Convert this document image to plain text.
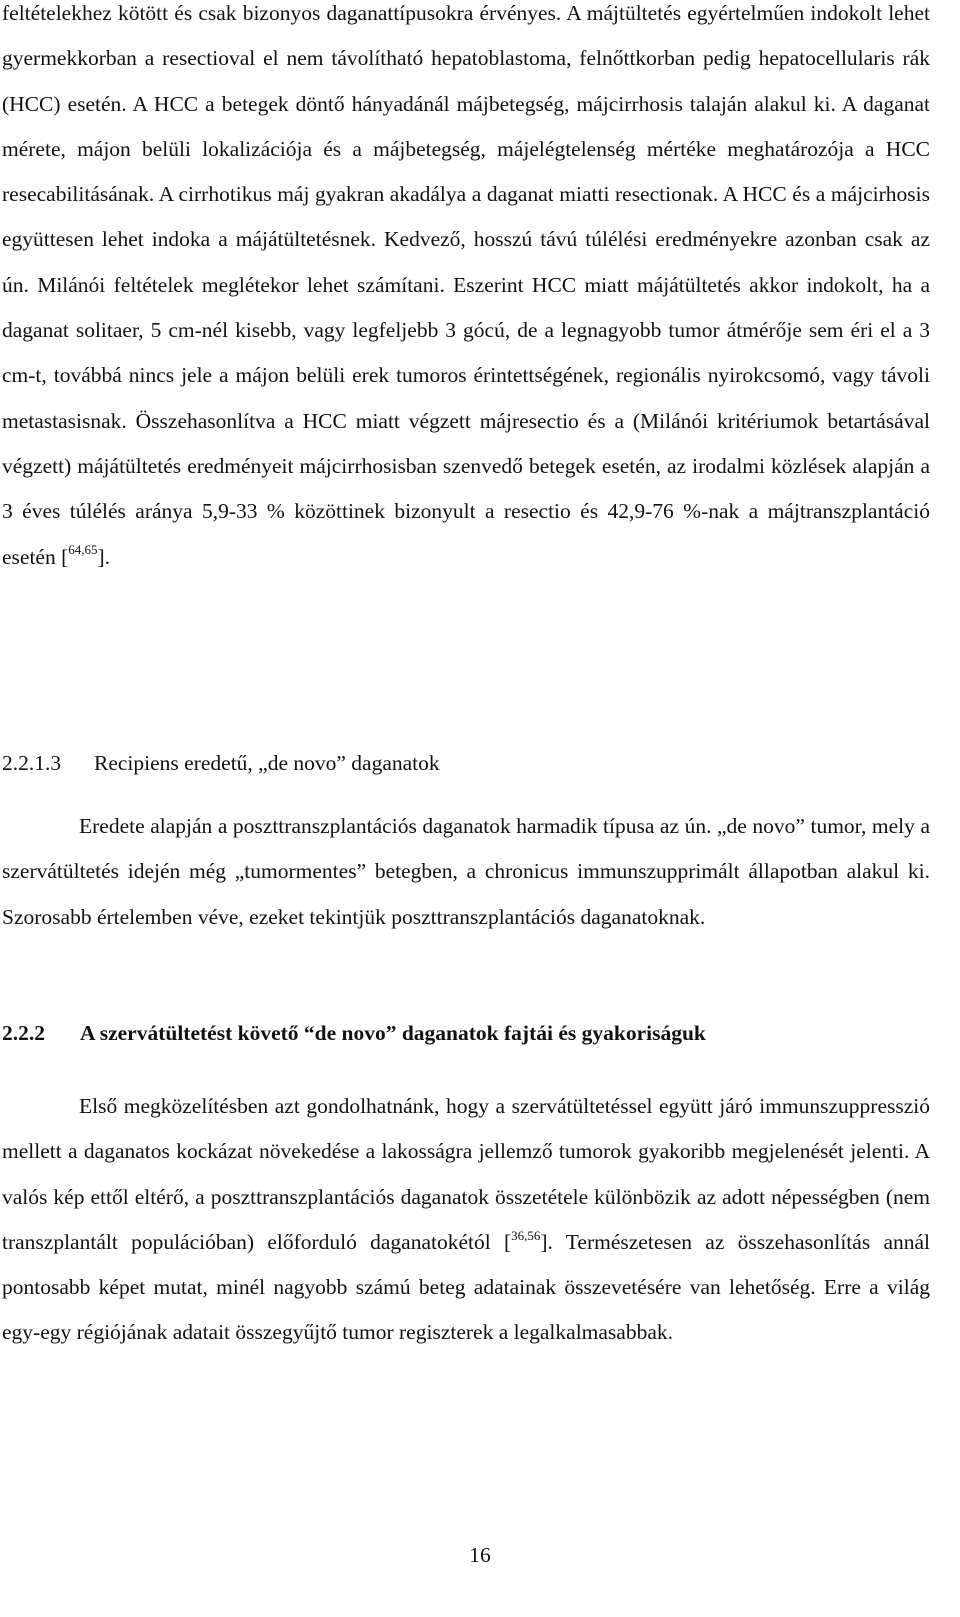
feltételekhez kötött és csak bizonyos daganattípusokra érvényes. A májtültetés egyértelműen indokolt lehet gyermekkorban a resectioval el nem távolítható hepatoblastoma, felnőttkorban pedig hepatocellularis rák (HCC) esetén. A HCC a betegek döntő hányadánál májbetegség, májcirrhosis talaján alakul ki. A daganat mérete, májon belüli lokalizációja és a májbetegség, májelégtelenség mértéke meghatározója a HCC resecabilitásának. A cirrhotikus máj gyakran akadálya a daganat miatti resectionak. A HCC és a májcirhosis együttesen lehet indoka a májátültetésnek. Kedvező, hosszú távú túlélési eredményekre azonban csak az ún. Milánói feltételek meglétekor lehet számítani. Eszerint HCC miatt májátültetés akkor indokolt, ha a daganat solitaer, 5 cm-nél kisebb, vagy legfeljebb 3 gócú, de a legnagyobb tumor átmérője sem éri el a 3 cm-t, továbbá nincs jele a májon belüli erek tumoros érintettségének, regionális nyirokcsomó, vagy távoli metastasisnak. Összehasonlítva a HCC miatt végzett májresectio és a (Milánói kritériumok betartásával végzett) májátültetés eredményeit májcirrhosisban szenvedő betegek esetén, az irodalmi közlések alapján a 3 éves túlélés aránya 5,9-33 % közöttinek bizonyult a resectio és 42,9-76 %-nak a májtranszplantáció esetén [$^{64,65}$].

2.2.1.3 Recipiens eredetű, „de novo” daganatok

Eredete alapján a poszttranszplantációs daganatok harmadik típusa az ún. „de novo” tumor, mely a szervátültetés idején még „tumormentes” betegben, a chronicus immunszupprimált állapotban alakul ki. Szorosabb értelemben véve, ezeket tekintjük poszttranszplantációs daganatoknak.

2.2.2 A szervátültetést követő “de novo” daganatok fajtái és gyakoriságuk

Első megközelítésben azt gondolhatnánk, hogy a szervátültetéssel együtt járó immunszuppresszió mellett a daganatos kockázat növekedése a lakosságra jellemző tumorok gyakoribb megjelenését jelenti. A valós kép ettől eltérő, a poszttranszplantációs daganatok összetétele különbözik az adott népességben (nem transzplantált populációban) előforduló daganatokétól [$^{36,56}$]. Természetesen az összehasonlítás annál pontosabb képet mutat, minél nagyobb számú beteg adatainak összevetésére van lehetőség. Erre a világ egy-egy régiójának adatait összegyűjtő tumor regiszterek a legalkalmasabbak.

16
